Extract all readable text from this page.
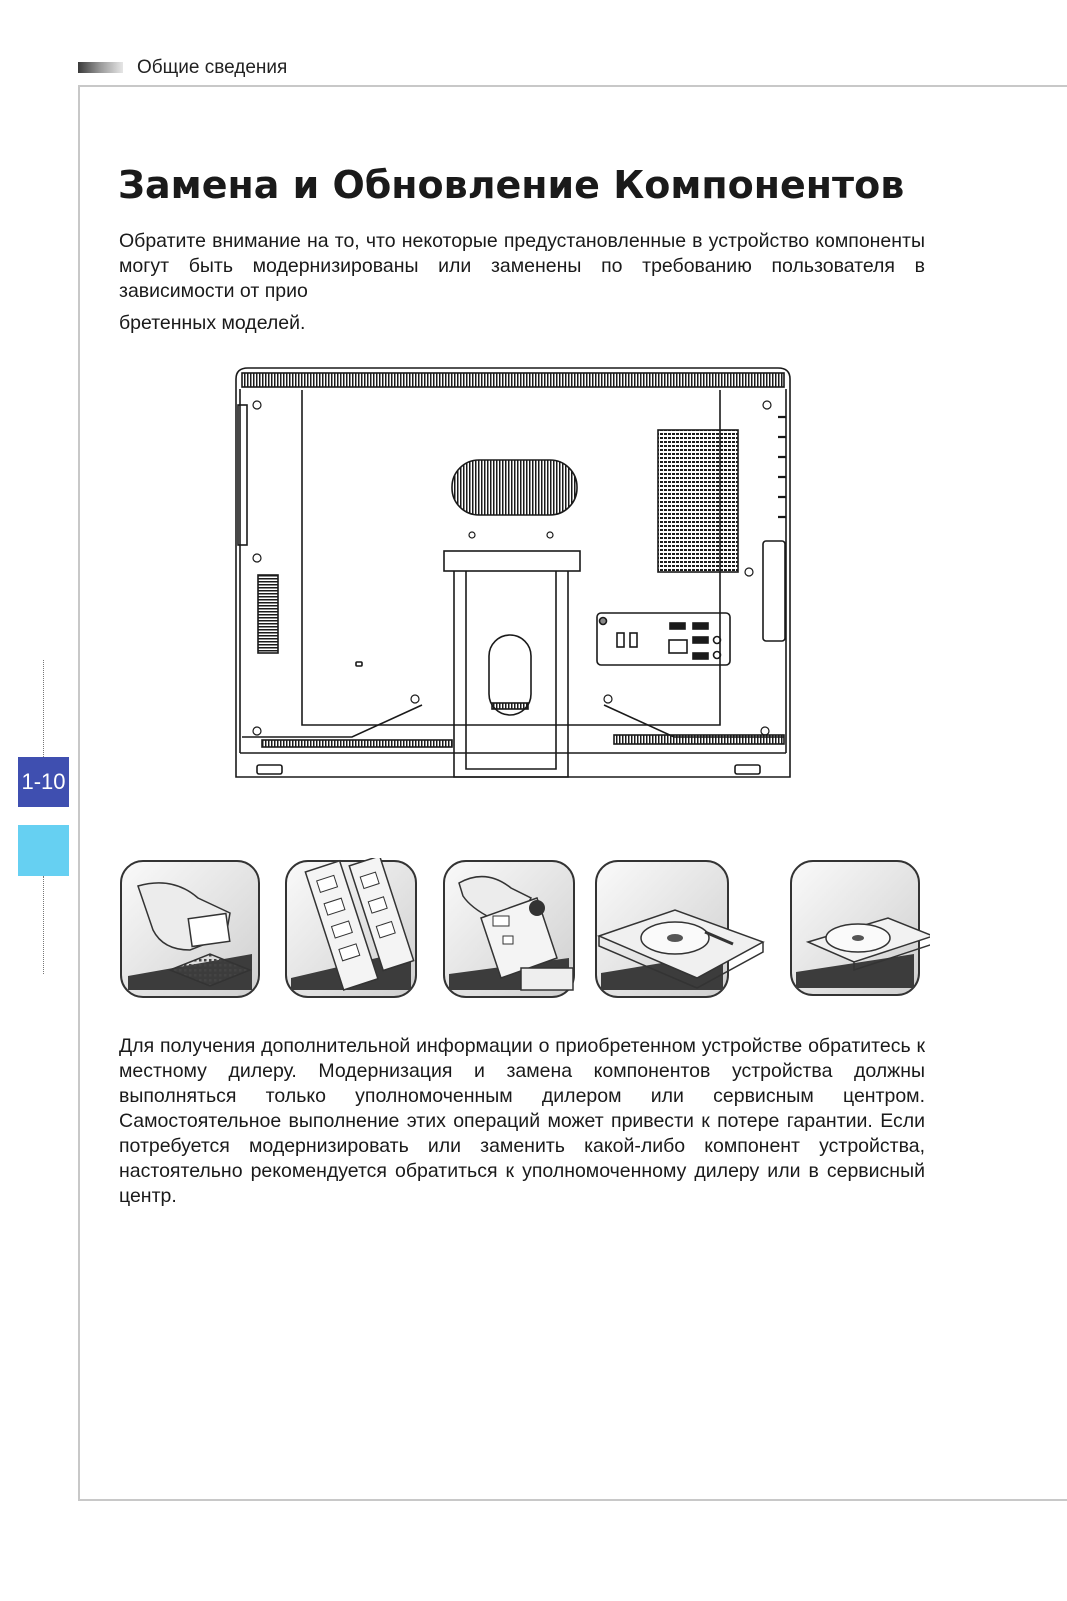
Общие сведения
1-10
Замена и Обновление Компонентов

Обратите внимание на то, что некоторые предустановленные в устройство компоненты могут быть модернизированы или заменены по требованию пользователя в зависимости от прио

бретенных моделей.

Для получения дополнительной информации о приобретенном устройстве обратитесь к местному дилеру. Модернизация и замена компонентов устройства должны выполняться только уполномоченным дилером или сервисным центром. Самостоятельное выполнение этих операций может привести к потере гарантии. Если потребуется модернизировать или заменить какой-либо компонент устройства, настоятельно рекомендуется обратиться к уполномоченному дилеру или в сервисный центр.
